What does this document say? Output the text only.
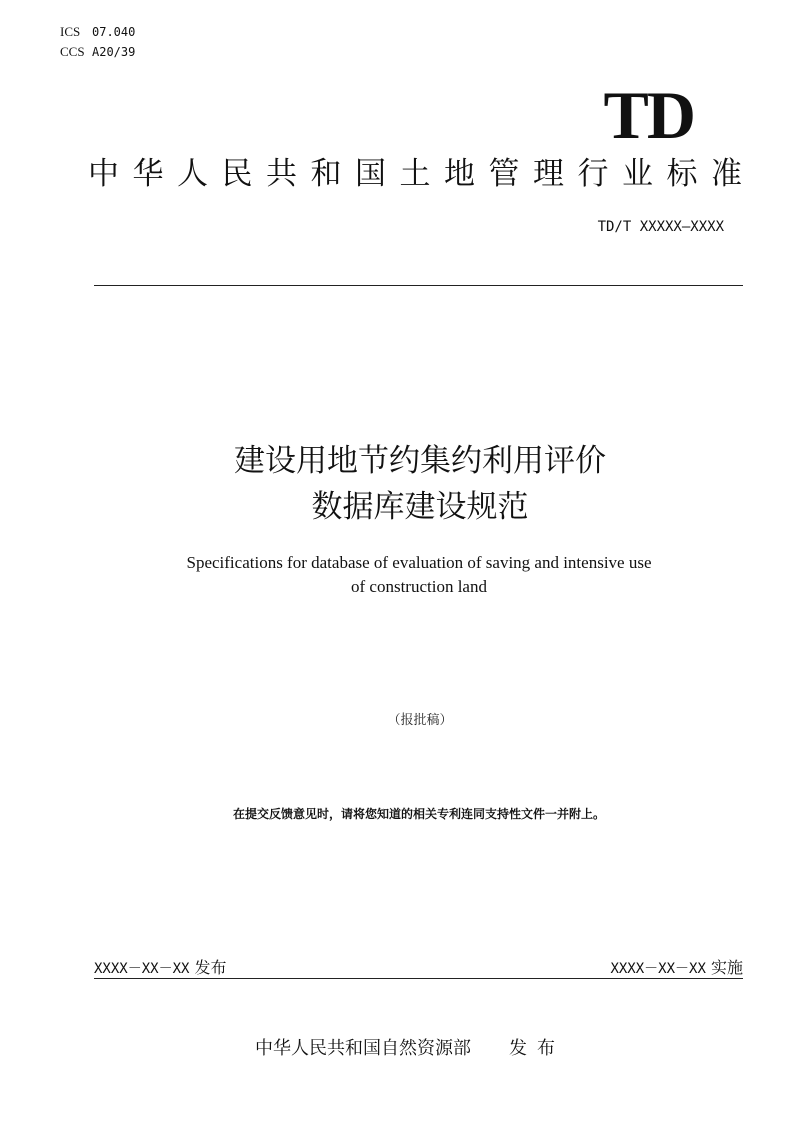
ICS 07.040
CCS A20/39
TD
中华人民共和国土地管理行业标准
TD/T XXXXX—XXXX
建设用地节约集约利用评价
数据库建设规范
Specifications for database of evaluation of saving and intensive use
of construction land
（报批稿）
在提交反馈意见时，请将您知道的相关专利连同支持性文件一并附上。
XXXX－XX－XX 发布	XXXX－XX－XX 实施
中华人民共和国自然资源部 发布
